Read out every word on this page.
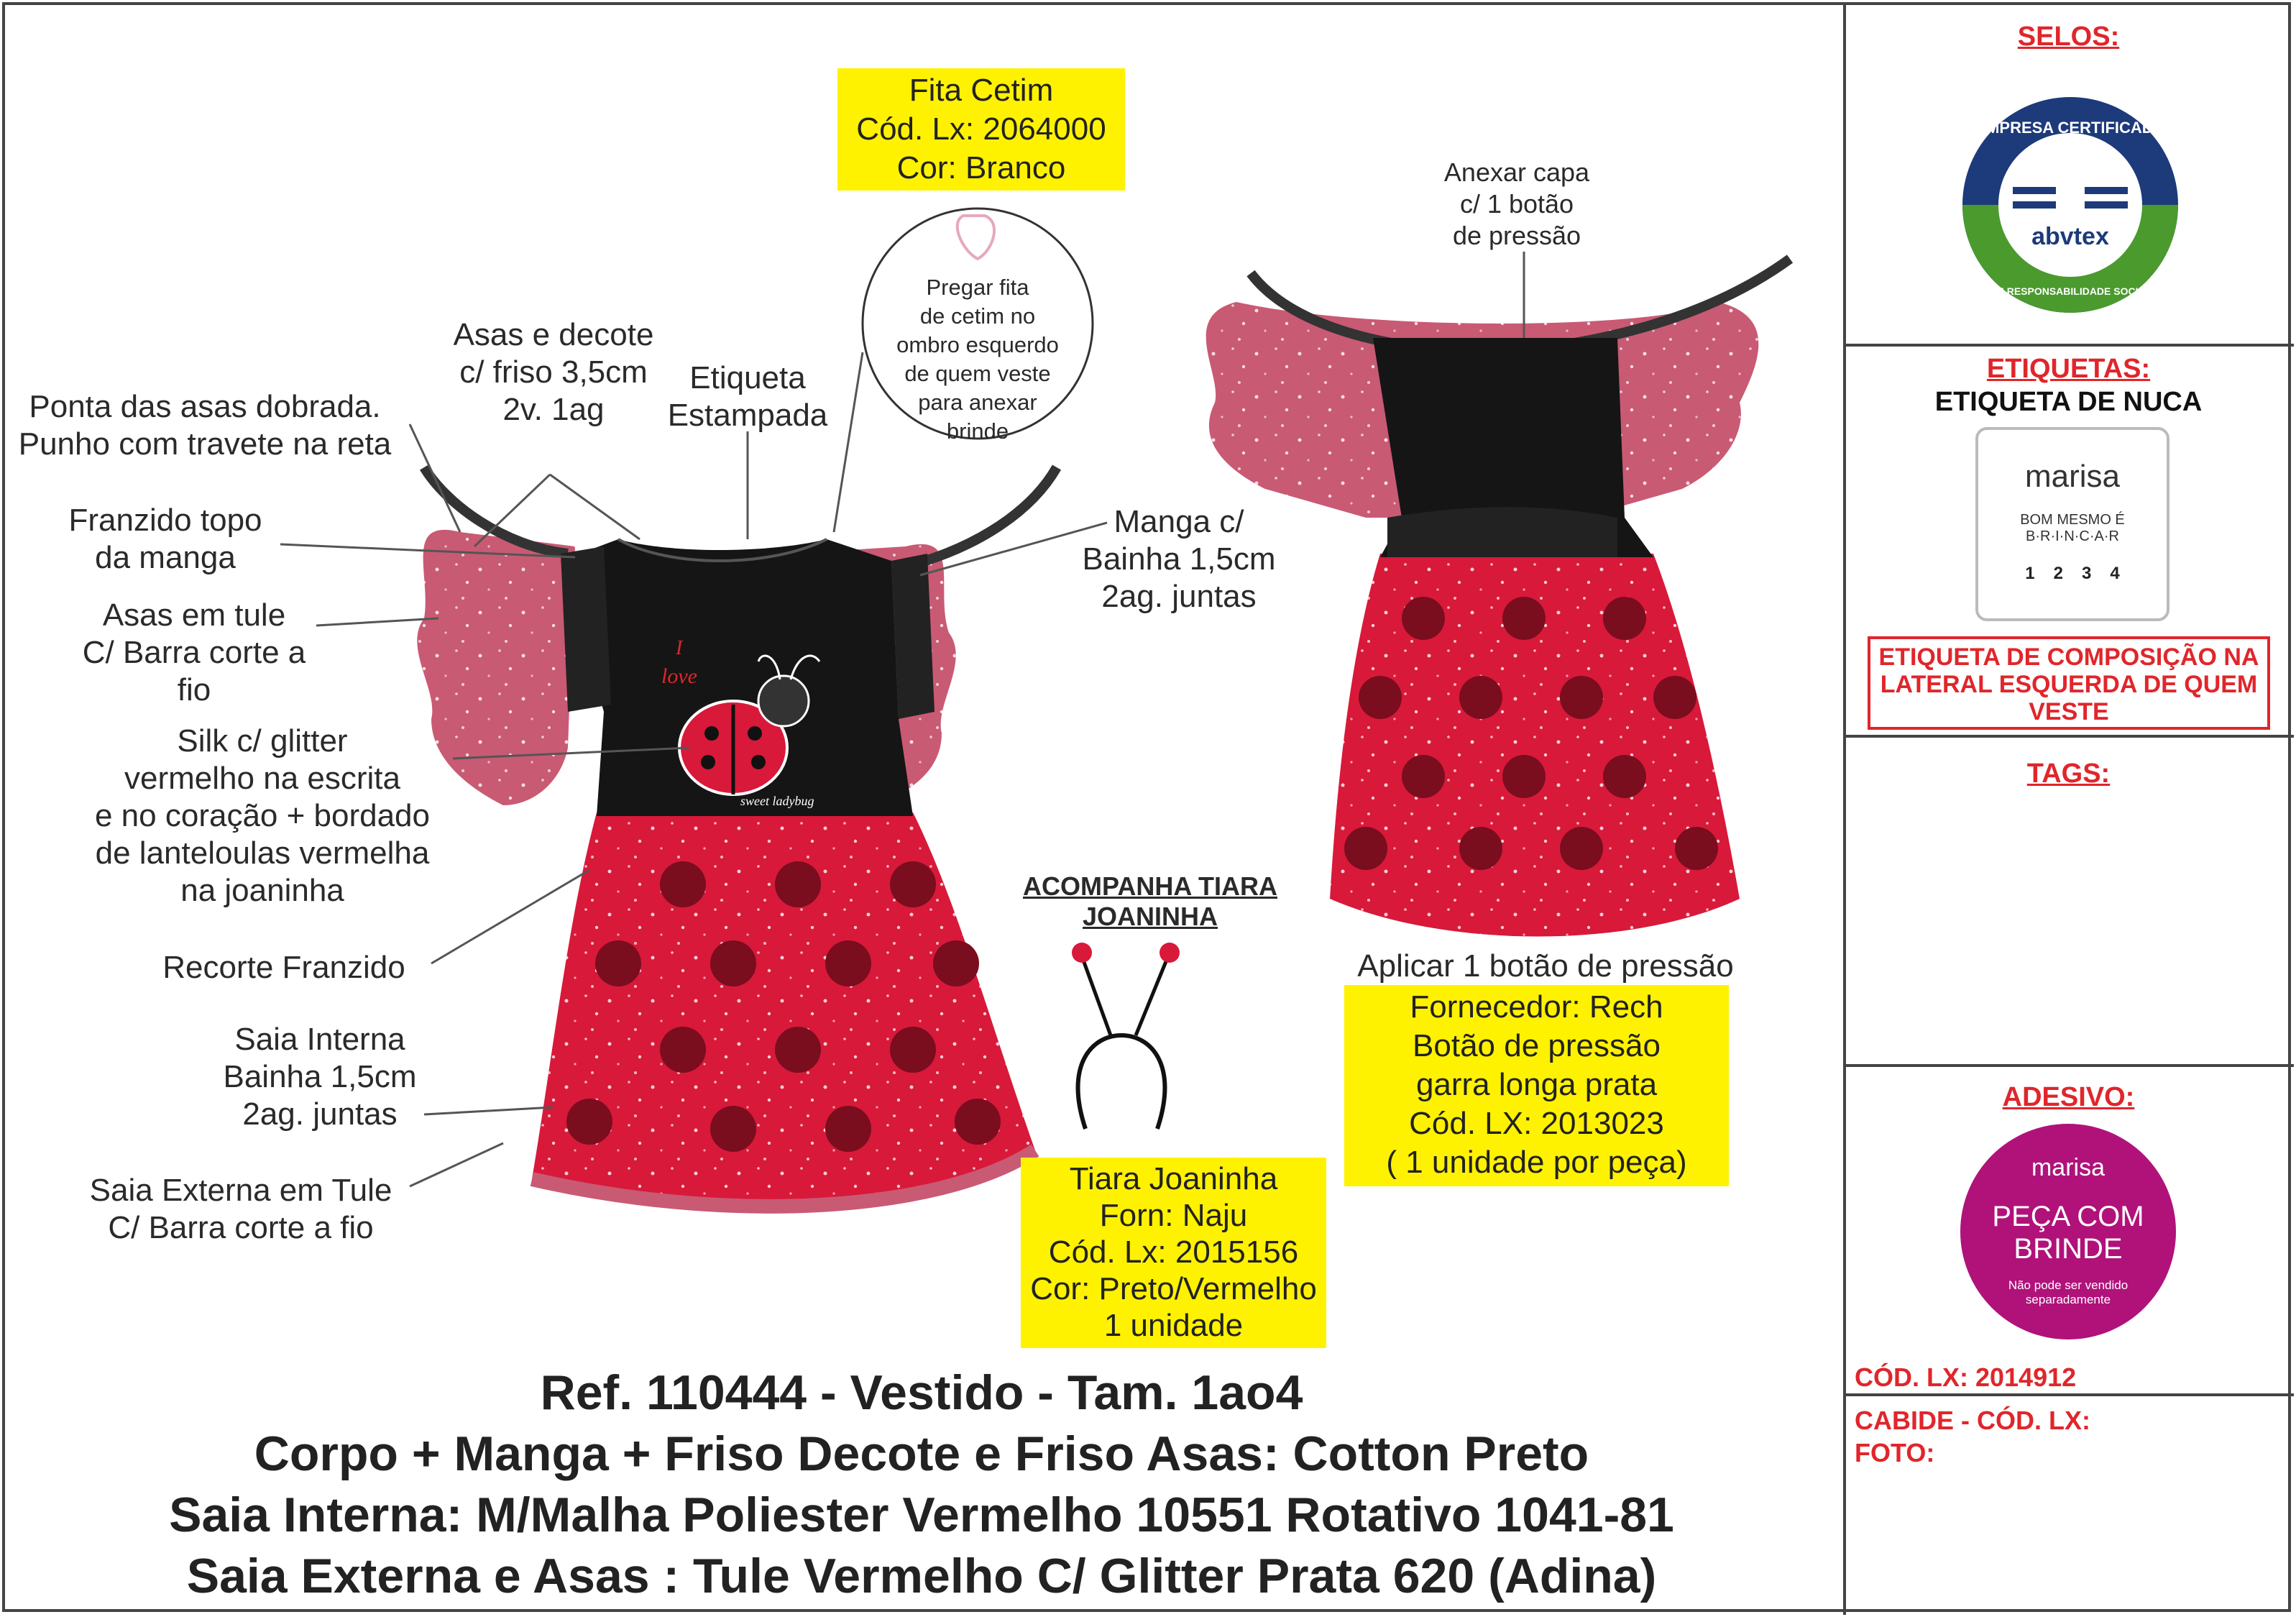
I
love
sweet ladybug
Fita Cetim
Cód. Lx: 2064000
Cor: Branco
Pregar fita
de cetim no
ombro esquerdo
de quem veste
para anexar
brinde
Asas e decote
c/ friso 3,5cm
2v. 1ag
Etiqueta
Estampada
Ponta das asas dobrada.
Punho com travete na reta
Franzido topo
da manga
Asas em tule
C/ Barra corte a fio
Silk c/ glitter
vermelho na escrita
e no coração + bordado
de lanteloulas vermelha
na joaninha
Recorte Franzido
Saia Interna
Bainha 1,5cm
2ag. juntas
Saia Externa em Tule
C/ Barra corte a fio
Manga c/
Bainha 1,5cm
2ag. juntas
Anexar capa
c/ 1 botão
de pressão
ACOMPANHA TIARA
JOANINHA
Aplicar 1 botão de pressão
Fornecedor: Rech
Botão de pressão
garra longa prata
Cód. LX: 2013023
( 1 unidade por peça)
Tiara Joaninha
Forn: Naju
Cód. Lx: 2015156
Cor: Preto/Vermelho
1 unidade
Ref. 110444 - Vestido - Tam. 1ao4
Corpo + Manga + Friso Decote e Friso Asas: Cotton Preto
Saia Interna: M/Malha Poliester Vermelho 10551 Rotativo 1041-81
Saia Externa e Asas : Tule Vermelho C/ Glitter Prata 620 (Adina)
SELOS:
EMPRESA CERTIFICADA
EM RESPONSABILIDADE SOCIAL
abvtex
ETIQUETAS:
ETIQUETA DE NUCA
marisa
BOM MESMO É
B·R·I·N·C·A·R
1 2 3 4
ETIQUETA DE COMPOSIÇÃO NA LATERAL ESQUERDA DE QUEM VESTE
TAGS:
ADESIVO:
marisa
PEÇA COM
BRINDE
Não pode ser vendido
separadamente
CÓD. LX: 2014912
CABIDE - CÓD. LX:
FOTO:
